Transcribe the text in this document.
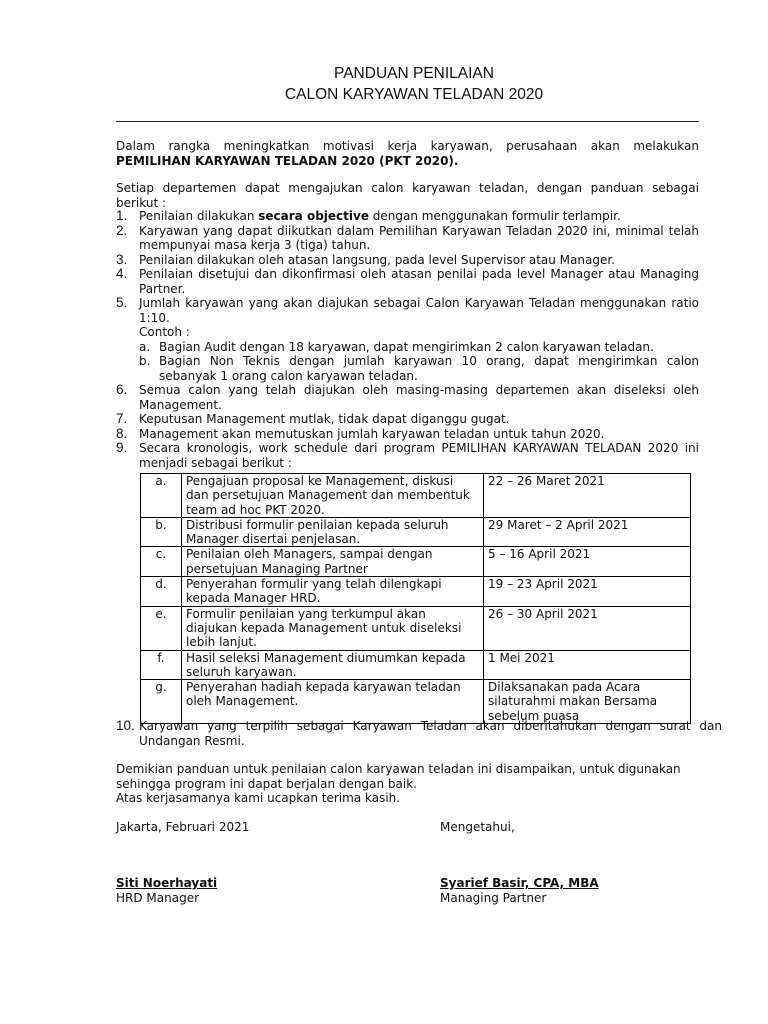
PANDUAN PENILAIAN
CALON KARYAWAN TELADAN 2020
Dalam rangka meningkatkan motivasi kerja karyawan, perusahaan akan melakukan PEMILIHAN KARYAWAN TELADAN 2020 (PKT 2020).
Setiap departemen dapat mengajukan calon karyawan teladan, dengan panduan sebagai berikut :
1. Penilaian dilakukan secara objective dengan menggunakan formulir terlampir.
2. Karyawan yang dapat diikutkan dalam Pemilihan Karyawan Teladan 2020 ini, minimal telah mempunyai masa kerja 3 (tiga) tahun.
3. Penilaian dilakukan oleh atasan langsung, pada level Supervisor atau Manager.
4. Penilaian disetujui dan dikonfirmasi oleh atasan penilai pada level Manager atau Managing Partner.
5. Jumlah karyawan yang akan diajukan sebagai Calon Karyawan Teladan menggunakan ratio 1:10.
Contoh :
a. Bagian Audit dengan 18 karyawan, dapat mengirimkan 2 calon karyawan teladan.
b. Bagian Non Teknis dengan jumlah karyawan 10 orang, dapat mengirimkan calon sebanyak 1 orang calon karyawan teladan.
6. Semua calon yang telah diajukan oleh masing-masing departemen akan diseleksi oleh Management.
7. Keputusan Management mutlak, tidak dapat diganggu gugat.
8. Management akan memutuskan jumlah karyawan teladan untuk tahun 2020.
9. Secara kronologis, work schedule dari program PEMILIHAN KARYAWAN TELADAN 2020 ini menjadi sebagai berikut :
a.	Pengajuan proposal ke Management, diskusi dan persetujuan Management dan membentuk team ad hoc PKT 2020.	22 – 26 Maret 2021
b.	Distribusi formulir penilaian kepada seluruh Manager disertai penjelasan.	29 Maret – 2 April 2021
c.	Penilaian oleh Managers, sampai dengan persetujuan Managing Partner	5 – 16 April 2021
d.	Penyerahan formulir yang telah dilengkapi kepada Manager HRD.	19 – 23 April 2021
e.	Formulir penilaian yang terkumpul akan diajukan kepada Management untuk diseleksi lebih lanjut.	26 – 30 April 2021
f.	Hasil seleksi Management diumumkan kepada seluruh karyawan.	1 Mei 2021
g.	Penyerahan hadiah kepada karyawan teladan oleh Management.	Dilaksanakan pada Acara silaturahmi makan Bersama sebelum puasa
10. Karyawan yang terpilih sebagai Karyawan Teladan akan diberitahukan dengan surat dan Undangan Resmi.
Demikian panduan untuk penilaian calon karyawan teladan ini disampaikan, untuk digunakan sehingga program ini dapat berjalan dengan baik.
Atas kerjasamanya kami ucapkan terima kasih.
Jakarta, Februari 2021	Mengetahui,
Siti Noerhayati
HRD Manager
Syarief Basir, CPA, MBA
Managing Partner
